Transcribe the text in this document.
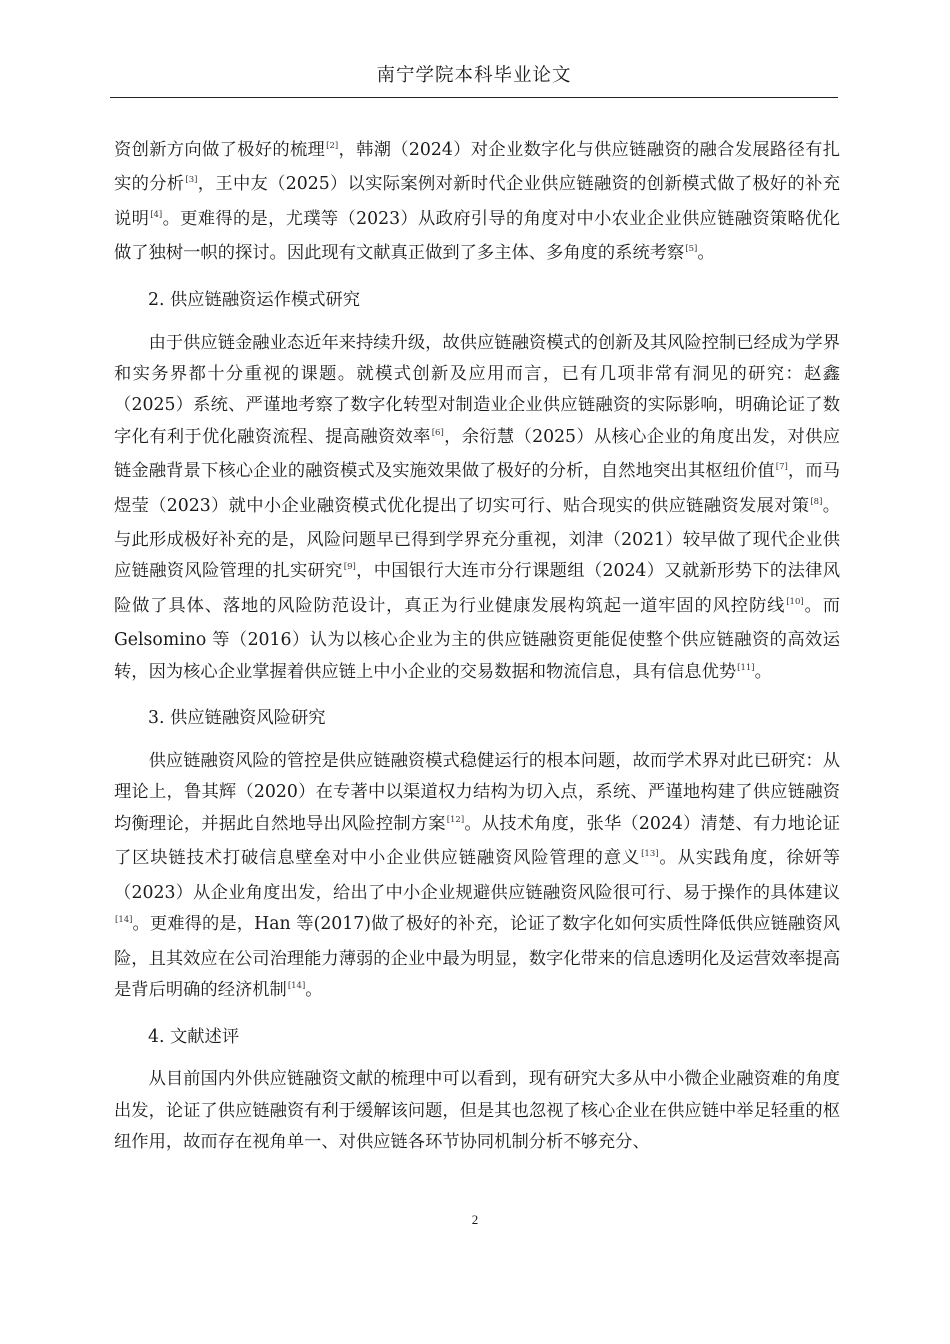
南宁学院本科毕业论文

资创新方向做了极好的梳理[2]，韩潮（2024）对企业数字化与供应链融资的融合发展路径有扎实的分析[3]，王中友（2025）以实际案例对新时代企业供应链融资的创新模式做了极好的补充说明[4]。更难得的是，尤璞等（2023）从政府引导的角度对中小农业企业供应链融资策略优化做了独树一帜的探讨。因此现有文献真正做到了多主体、多角度的系统考察[5]。

2. 供应链融资运作模式研究

由于供应链金融业态近年来持续升级，故供应链融资模式的创新及其风险控制已经成为学界和实务界都十分重视的课题。就模式创新及应用而言，已有几项非常有洞见的研究：赵鑫（2025）系统、严谨地考察了数字化转型对制造业企业供应链融资的实际影响，明确论证了数字化有利于优化融资流程、提高融资效率[6]，余衍慧（2025）从核心企业的角度出发，对供应链金融背景下核心企业的融资模式及实施效果做了极好的分析，自然地突出其枢纽价值[7]，而马煜莹（2023）就中小企业融资模式优化提出了切实可行、贴合现实的供应链融资发展对策[8]。与此形成极好补充的是，风险问题早已得到学界充分重视，刘津（2021）较早做了现代企业供应链融资风险管理的扎实研究[9]，中国银行大连市分行课题组（2024）又就新形势下的法律风险做了具体、落地的风险防范设计，真正为行业健康发展构筑起一道牢固的风控防线[10]。而 Gelsomino 等（2016）认为以核心企业为主的供应链融资更能促使整个供应链融资的高效运转，因为核心企业掌握着供应链上中小企业的交易数据和物流信息，具有信息优势[11]。

3. 供应链融资风险研究

供应链融资风险的管控是供应链融资模式稳健运行的根本问题，故而学术界对此已研究：从理论上，鲁其辉（2020）在专著中以渠道权力结构为切入点，系统、严谨地构建了供应链融资均衡理论，并据此自然地导出风险控制方案[12]。从技术角度，张华（2024）清楚、有力地论证了区块链技术打破信息壁垒对中小企业供应链融资风险管理的意义[13]。从实践角度，徐妍等（2023）从企业角度出发，给出了中小企业规避供应链融资风险很可行、易于操作的具体建议[14]。更难得的是，Han 等(2017)做了极好的补充，论证了数字化如何实质性降低供应链融资风险，且其效应在公司治理能力薄弱的企业中最为明显，数字化带来的信息透明化及运营效率提高是背后明确的经济机制[14]。

4. 文献述评

从目前国内外供应链融资文献的梳理中可以看到，现有研究大多从中小微企业融资难的角度出发，论证了供应链融资有利于缓解该问题，但是其也忽视了核心企业在供应链中举足轻重的枢纽作用，故而存在视角单一、对供应链各环节协同机制分析不够充分、

2
